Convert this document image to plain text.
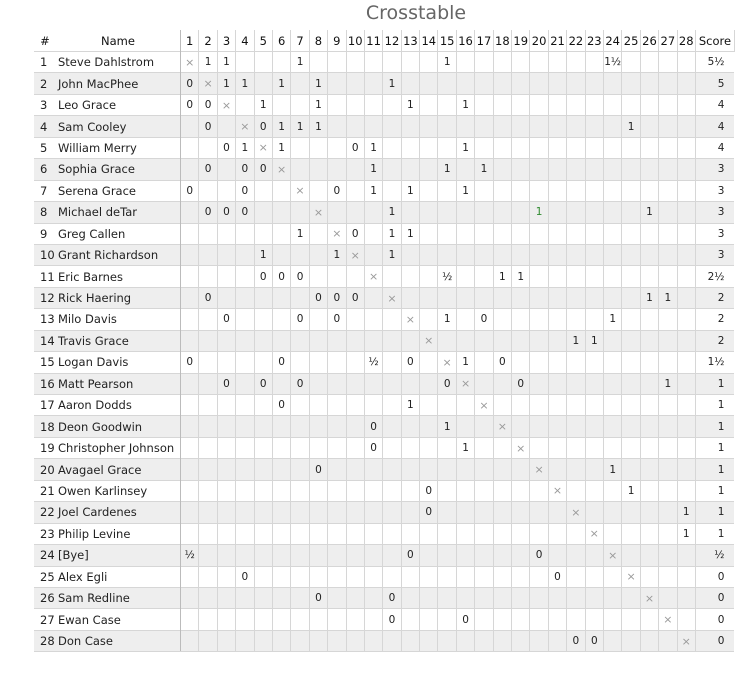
Crosstable
#	Name	1	2	3	4	5	6	7	8	9	10	11	12	13	14	15	16	17	18	19	20	21	22	23	24	25	26	27	28	Score
1	Steve Dahlstrom	×	1	1				1								1									1½					5½
2	John MacPhee	0	×	1	1		1		1				1																	5
3	Leo Grace	0	0	×		1			1					1			1													4
4	Sam Cooley		0		×	0	1	1	1																	1				4
5	William Merry			0	1	×	1				0	1					1													4
6	Sophia Grace		0		0	0	×					1				1		1												3
7	Serena Grace	0			0			×		0		1		1			1													3
8	Michael deTar		0	0	0				×				1								1						1			3
9	Greg Callen							1		×	0		1	1																3
10	Grant Richardson					1				1	×		1																	3
11	Eric Barnes					0	0	0				×				½			1	1										2½
12	Rick Haering		0						0	0	0		×														1	1		2
13	Milo Davis			0				0		0				×		1		0							1					2
14	Travis Grace														×								1	1						2
15	Logan Davis	0					0					½		0		×	1		0											1½
16	Matt Pearson			0		0		0								0	×			0								1		1
17	Aaron Dodds						0							1				×												1
18	Deon Goodwin											0				1			×											1
19	Christopher Johnson											0					1			×										1
20	Avagael Grace								0												×				1					1
21	Owen Karlinsey														0							×				1				1
22	Joel Cardenes														0								×						1	1
23	Philip Levine																							×					1	1
24	[Bye]	½												0							0				×					½
25	Alex Egli				0																	0				×				0
26	Sam Redline								0				0														×			0
27	Ewan Case												0				0											×		0
28	Don Case																						0	0					×	0
